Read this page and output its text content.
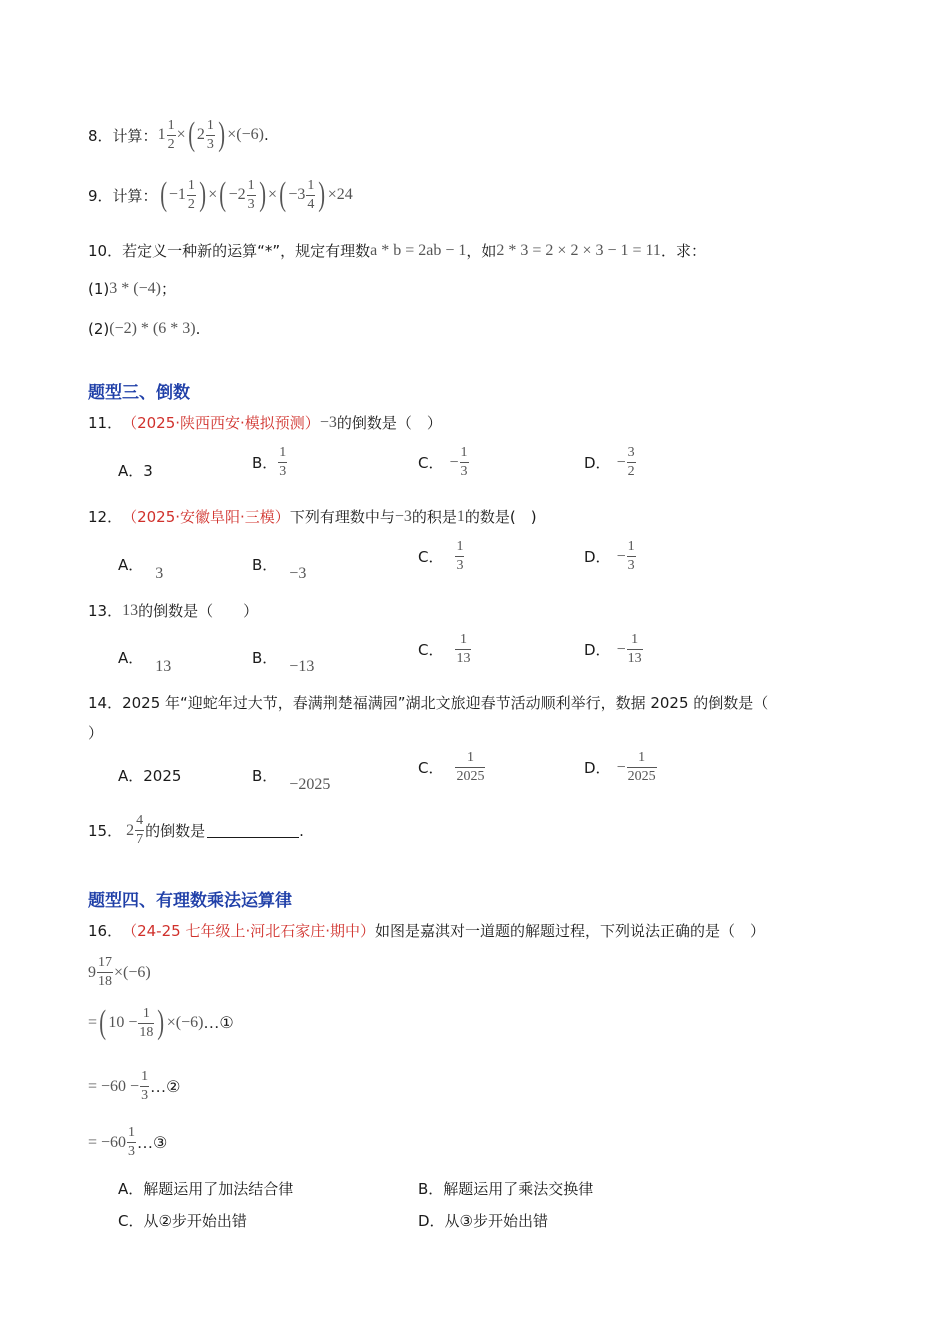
8． 计算： $1 \frac{1}{2}$ × ( $2 \frac{1}{3}$ ) ×(−6) .
9． 计算： ( $-1 \frac{1}{2}$ ) × ( $-2 \frac{1}{3}$ ) × ( $-3 \frac{1}{4}$ ) ×24
10． 若定义一种新的运算“*”，规定有理数 a * b = 2ab − 1 ，如 2 * 3 = 2 × 2 × 3 − 1 = 11 ．求：
(1) 3 * (−4) ；
(2) (−2) * (6 * 3) .
题型三、倒数
11． （2025·陕西西安·模拟预测） −3 的倒数是（　）
A． 3	B． $\frac{1}{3}$	C． − $\frac{1}{3}$	D． − $\frac{3}{2}$
12． （2025·安徽阜阳·三模） 下列有理数中与 −3 的积是 1 的数是(　)
A． 3	B． −3
C． $\frac{1}{3}$	D． − $\frac{1}{3}$
13． 13 的倒数是（　　）
A． 13	B． −13
C． $\frac{1}{13}$	D． − $\frac{1}{13}$
14． 2025 年“迎蛇年过大节，春满荆楚福满园”湖北文旅迎春节活动顺利举行，数据 2025 的倒数是（
）
A． 2025	B． −2025
C． $\frac{1}{2025}$	D． − $\frac{1}{2025}$
15． $2 \frac{4}{7}$ 的倒数是	.
题型四、有理数乘法运算律
16． （24-25 七年级上·河北石家庄·期中） 如图是嘉淇对一道题的解题过程，下列说法正确的是（　）
$9 \frac{17}{18} \times(-6)$
= ( $10 - \frac{1}{18}$ ) ×(−6) …①
= $-60 - \frac{1}{3}$ …②
= $-60 \frac{1}{3}$ …③
A．解题运用了加法结合律	B．解题运用了乘法交换律
C．从②步开始出错	D．从③步开始出错
